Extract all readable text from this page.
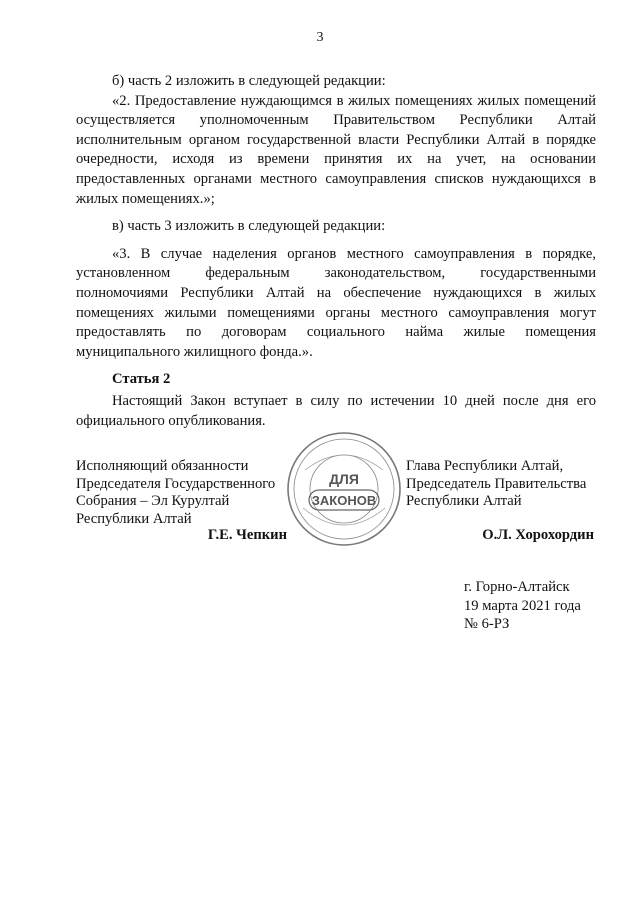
3

б) часть 2 изложить в следующей редакции:

«2. Предоставление нуждающимся в жилых помещениях жилых помещений осуществляется уполномоченным Правительством Республики Алтай исполнительным органом государственной власти Республики Алтай в порядке очередности, исходя из времени принятия их на учет, на основании предоставленных органами местного самоуправления списков нуждающихся в жилых помещениях.»;

в) часть 3 изложить в следующей редакции:

«3. В случае наделения органов местного самоуправления в порядке, установленном федеральным законодательством, государственными полномочиями Республики Алтай на обеспечение нуждающихся в жилых помещениях жилыми помещениями органы местного самоуправления могут предоставлять по договорам социального найма жилые помещения муниципального жилищного фонда.».

Статья 2

Настоящий Закон вступает в силу по истечении 10 дней после дня его официального опубликования.

Исполняющий обязанности
Председателя Государственного
Собрания – Эл Курултай
Республики Алтай
Г.Е. Чепкин
Глава Республики Алтай,
Председатель Правительства
Республики Алтай
О.Л. Хорохордин
ДЛЯ
ЗАКОНОВ
г. Горно-Алтайск
19 марта 2021 года
№ 6-РЗ
